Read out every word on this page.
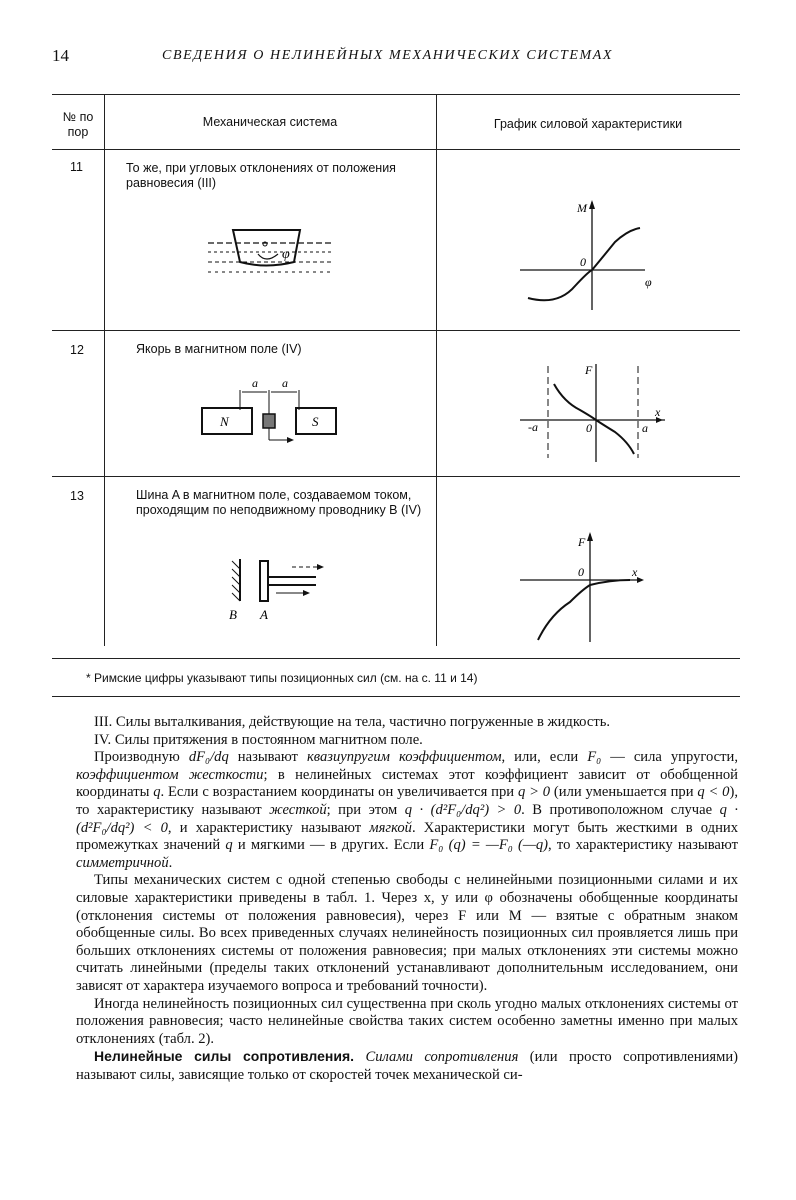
14	СВЕДЕНИЯ О НЕЛИНЕЙНЫХ МЕХАНИЧЕСКИХ СИСТЕМАХ
№ по пор
Механическая система	График силовой характеристики
11	То же, при угловых отклонениях от положения равновесия (III)
φ
M
0
φ
12	Якорь в магнитном поле (IV)
a a
N	S
F
x
-a	0	a
13	Шина A в магнитном поле, создаваемом током, проходящим по неподвижному проводнику B (IV)
B A
F
0	x
* Римские цифры указывают типы позиционных сил (см. на с. 11 и 14)

III. Силы выталкивания, действующие на тела, частично погруженные в жидкость.

IV. Силы притяжения в постоянном магнитном поле.

Производную dF₀/dq называют квазиупругим коэффициентом, или, если F₀ — сила упругости, коэффициентом жесткости; в нелинейных системах этот коэффициент зависит от обобщенной координаты q. Если с возрастанием координаты он увеличивается при q > 0 (или уменьшается при q < 0), то характеристику называют жесткой; при этом q · (d²F₀/dq²) > 0. В противоположном случае q · (d²F₀/dq²) < 0, и характеристику называют мягкой. Характеристики могут быть жесткими в одних промежутках значений q и мягкими — в других. Если F₀ (q) = —F₀ (—q), то характеристику называют симметричной.

Типы механических систем с одной степенью свободы с нелинейными позиционными силами и их силовые характеристики приведены в табл. 1. Через x, y или φ обозначены обобщенные координаты (отклонения системы от положения равновесия), через F или M — взятые с обратным знаком обобщенные силы. Во всех приведенных случаях нелинейность позиционных сил проявляется лишь при больших отклонениях системы от положения равновесия; при малых отклонениях эти системы можно считать линейными (пределы таких отклонений устанавливают дополнительным исследованием, они зависят от характера изучаемого вопроса и требований точности).

Иногда нелинейность позиционных сил существенна при сколь угодно малых отклонениях системы от положения равновесия; часто нелинейные свойства таких систем особенно заметны именно при малых отклонениях (табл. 2).

Нелинейные силы сопротивления. Силами сопротивления (или просто сопротивлениями) называют силы, зависящие только от скоростей точек механической си-
